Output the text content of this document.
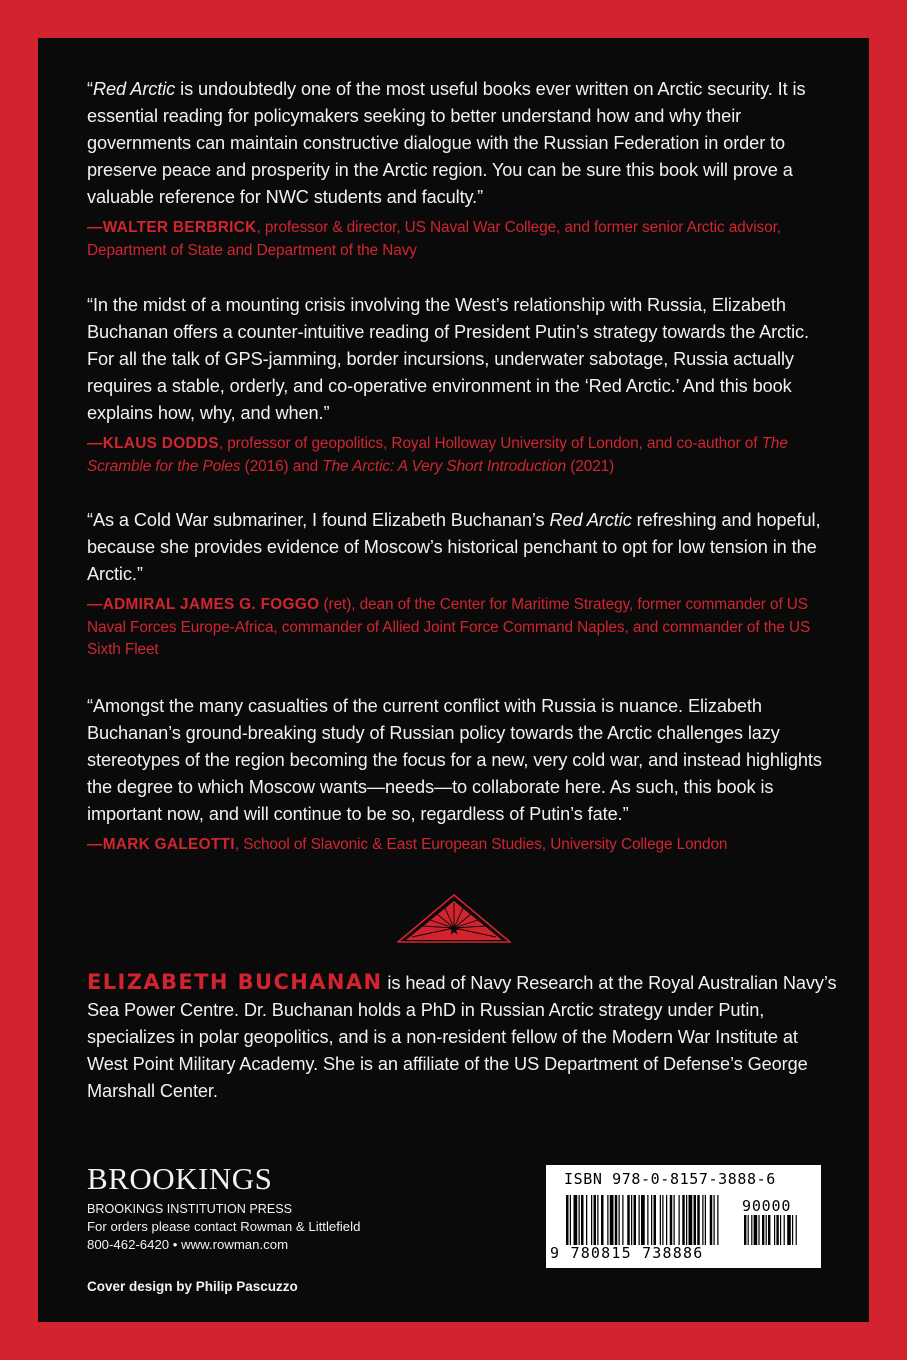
“Red Arctic is undoubtedly one of the most useful books ever written on Arctic security. It is essential reading for policymakers seeking to better understand how and why their governments can maintain constructive dialogue with the Russian Federation in order to preserve peace and prosperity in the Arctic region. You can be sure this book will prove a valuable reference for NWC students and faculty.”

—WALTER BERBRICK, professor & director, US Naval War College, and former senior Arctic advisor, Department of State and Department of the Navy

“In the midst of a mounting crisis involving the West’s relationship with Russia, Elizabeth Buchanan offers a counter-intuitive reading of President Putin’s strategy towards the Arctic. For all the talk of GPS-jamming, border incursions, underwater sabotage, Russia actually requires a stable, orderly, and co-operative environment in the ‘Red Arctic.’ And this book explains how, why, and when.”

—KLAUS DODDS, professor of geopolitics, Royal Holloway University of London, and co-author of The Scramble for the Poles (2016) and The Arctic: A Very Short Introduction (2021)

“As a Cold War submariner, I found Elizabeth Buchanan’s Red Arctic refreshing and hopeful, because she provides evidence of Moscow’s historical penchant to opt for low tension in the Arctic.”

—ADMIRAL JAMES G. FOGGO (ret), dean of the Center for Maritime Strategy, former commander of US Naval Forces Europe-Africa, commander of Allied Joint Force Command Naples, and commander of the US Sixth Fleet

“Amongst the many casualties of the current conflict with Russia is nuance. Elizabeth Buchanan’s ground-breaking study of Russian policy towards the Arctic challenges lazy stereotypes of the region becoming the focus for a new, very cold war, and instead highlights the degree to which Moscow wants—needs—to collaborate here. As such, this book is important now, and will continue to be so, regardless of Putin’s fate.”

—MARK GALEOTTI, School of Slavonic & East European Studies, University College London

ELIZABETH BUCHANAN is head of Navy Research at the Royal Australian Navy’s Sea Power Centre. Dr. Buchanan holds a PhD in Russian Arctic strategy under Putin, specializes in polar geopolitics, and is a non-resident fellow of the Modern War Institute at West Point Military Academy. She is an affiliate of the US Department of Defense’s George Marshall Center.

BROOKINGS

BROOKINGS INSTITUTION PRESS

For orders please contact Rowman & Littlefield

800-462-6420 • www.rowman.com

Cover design by Philip Pascuzzo

ISBN 978-0-8157-3888-6

90000

9 780815 738886
